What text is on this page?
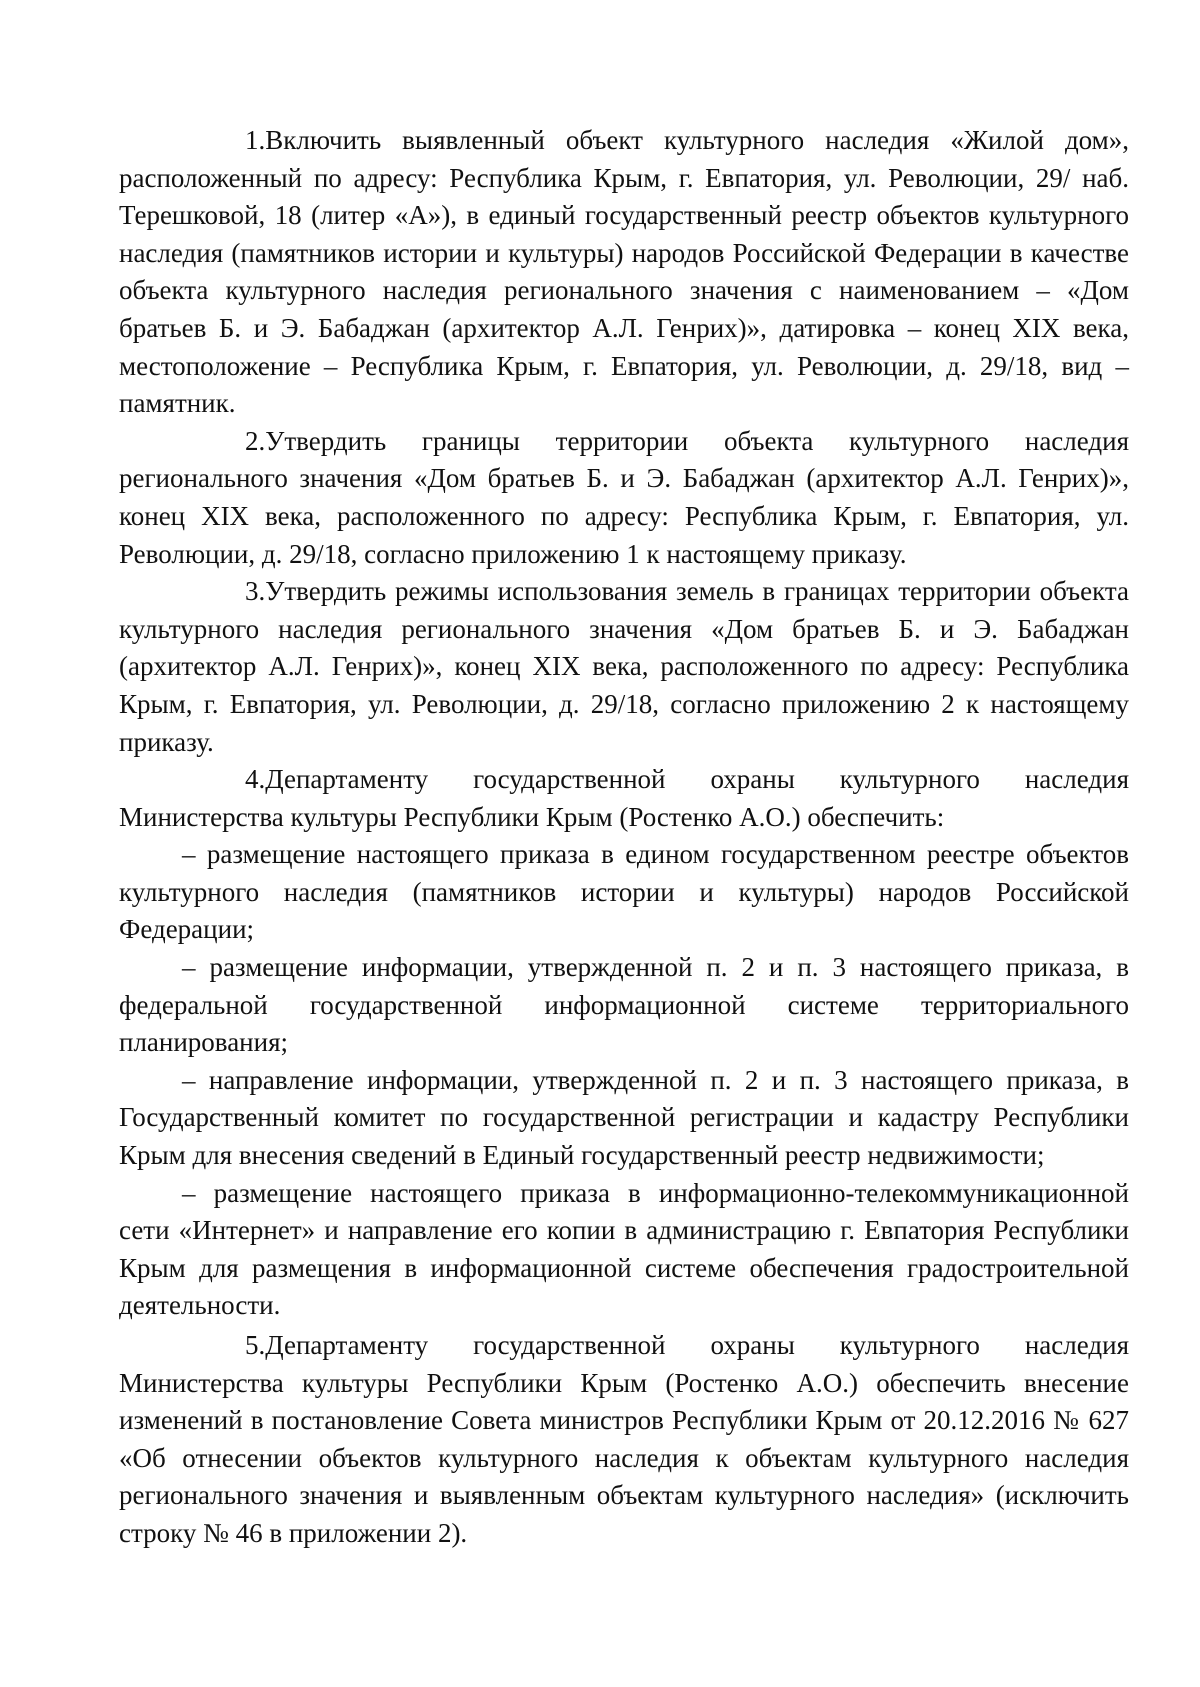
1.Включить выявленный объект культурного наследия «Жилой дом», расположенный по адресу: Республика Крым, г. Евпатория, ул. Революции, 29/ наб. Терешковой, 18 (литер «А»), в единый государственный реестр объектов культурного наследия (памятников истории и культуры) народов Российской Федерации в качестве объекта культурного наследия регионального значения с наименованием – «Дом братьев Б. и Э. Бабаджан (архитектор А.Л. Генрих)», датировка – конец XIX века, местоположение – Республика Крым, г. Евпатория, ул. Революции, д. 29/18, вид – памятник.

2.Утвердить границы территории объекта культурного наследия регионального значения «Дом братьев Б. и Э. Бабаджан (архитектор А.Л. Генрих)», конец XIX века, расположенного по адресу: Республика Крым, г. Евпатория, ул. Революции, д. 29/18, согласно приложению 1 к настоящему приказу.

3.Утвердить режимы использования земель в границах территории объекта культурного наследия регионального значения «Дом братьев Б. и Э. Бабаджан (архитектор А.Л. Генрих)», конец XIX века, расположенного по адресу: Республика Крым, г. Евпатория, ул. Революции, д. 29/18, согласно приложению 2 к настоящему приказу.

4.Департаменту государственной охраны культурного наследия Министерства культуры Республики Крым (Ростенко А.О.) обеспечить:

– размещение настоящего приказа в едином государственном реестре объектов культурного наследия (памятников истории и культуры) народов Российской Федерации;

– размещение информации, утвержденной п. 2 и п. 3 настоящего приказа, в федеральной государственной информационной системе территориального планирования;

– направление информации, утвержденной п. 2 и п. 3 настоящего приказа, в Государственный комитет по государственной регистрации и кадастру Республики Крым для внесения сведений в Единый государственный реестр недвижимости;

– размещение настоящего приказа в информационно-телекоммуникационной сети «Интернет» и направление его копии в администрацию г. Евпатория Республики Крым для размещения в информационной системе обеспечения градостроительной деятельности.

5.Департаменту государственной охраны культурного наследия Министерства культуры Республики Крым (Ростенко А.О.) обеспечить внесение изменений в постановление Совета министров Республики Крым от 20.12.2016 № 627 «Об отнесении объектов культурного наследия к объектам культурного наследия регионального значения и выявленным объектам культурного наследия» (исключить строку № 46 в приложении 2).
